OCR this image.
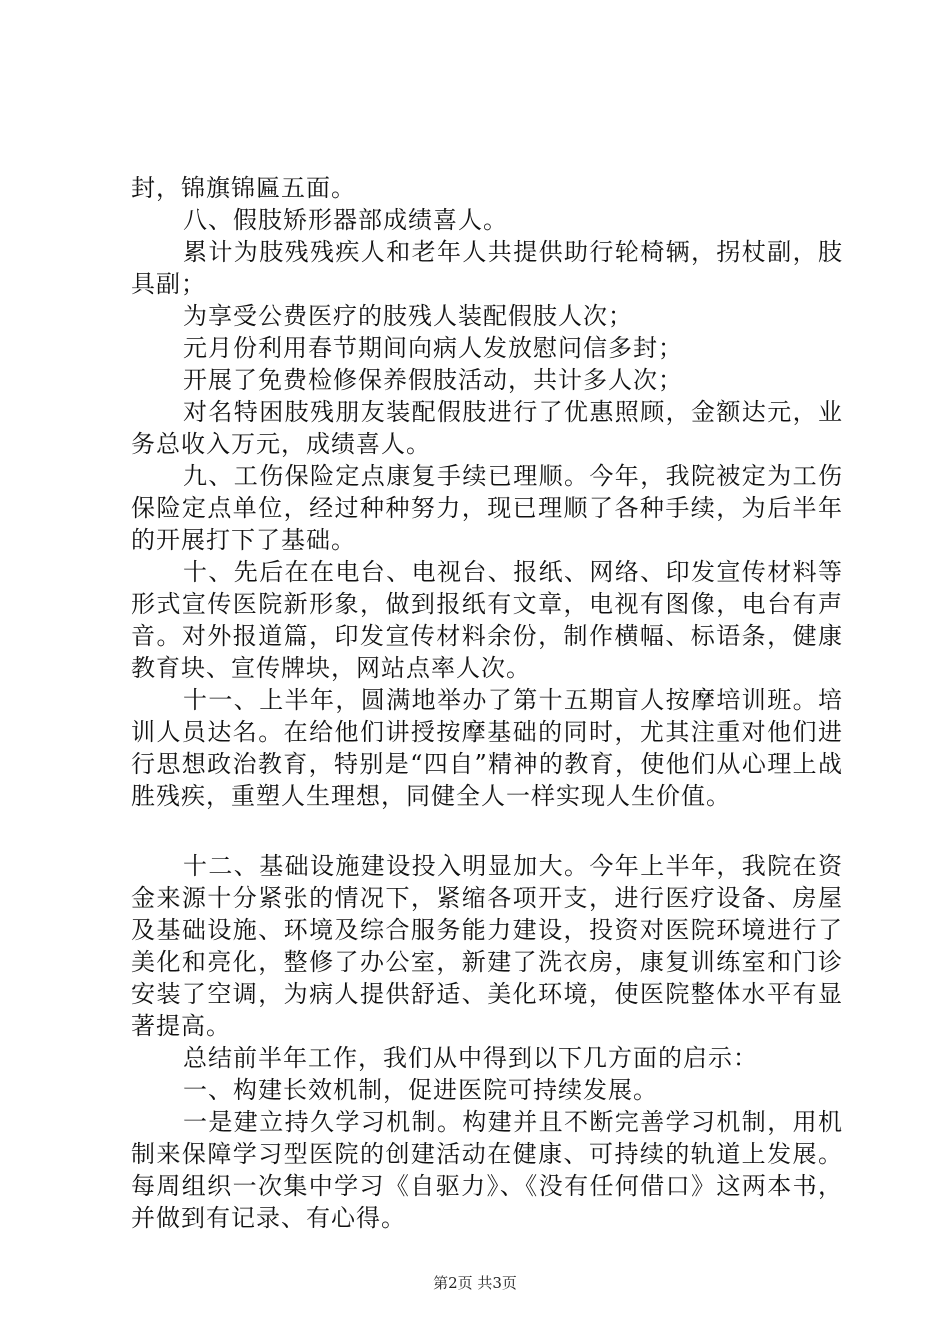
封，锦旗锦匾五面。

八、假肢矫形器部成绩喜人。

累计为肢残残疾人和老年人共提供助行轮椅辆，拐杖副，肢具副；

为享受公费医疗的肢残人装配假肢人次；

元月份利用春节期间向病人发放慰问信多封；

开展了免费检修保养假肢活动，共计多人次；

对名特困肢残朋友装配假肢进行了优惠照顾，金额达元，业务总收入万元，成绩喜人。

九、工伤保险定点康复手续已理顺。今年，我院被定为工伤保险定点单位，经过种种努力，现已理顺了各种手续，为后半年的开展打下了基础。

十、先后在在电台、电视台、报纸、网络、印发宣传材料等形式宣传医院新形象，做到报纸有文章，电视有图像，电台有声音。对外报道篇，印发宣传材料余份，制作横幅、标语条，健康教育块、宣传牌块，网站点率人次。

十一、上半年，圆满地举办了第十五期盲人按摩培训班。培训人员达名。在给他们讲授按摩基础的同时，尤其注重对他们进行思想政治教育，特别是“四自”精神的教育，使他们从心理上战胜残疾，重塑人生理想，同健全人一样实现人生价值。

十二、基础设施建设投入明显加大。今年上半年，我院在资金来源十分紧张的情况下，紧缩各项开支，进行医疗设备、房屋及基础设施、环境及综合服务能力建设，投资对医院环境进行了美化和亮化，整修了办公室，新建了洗衣房，康复训练室和门诊安装了空调，为病人提供舒适、美化环境，使医院整体水平有显著提高。

总结前半年工作，我们从中得到以下几方面的启示：

一、构建长效机制，促进医院可持续发展。

一是建立持久学习机制。构建并且不断完善学习机制，用机制来保障学习型医院的创建活动在健康、可持续的轨道上发展。每周组织一次集中学习《自驱力》、《没有任何借口》这两本书，并做到有记录、有心得。

第2页 共3页
